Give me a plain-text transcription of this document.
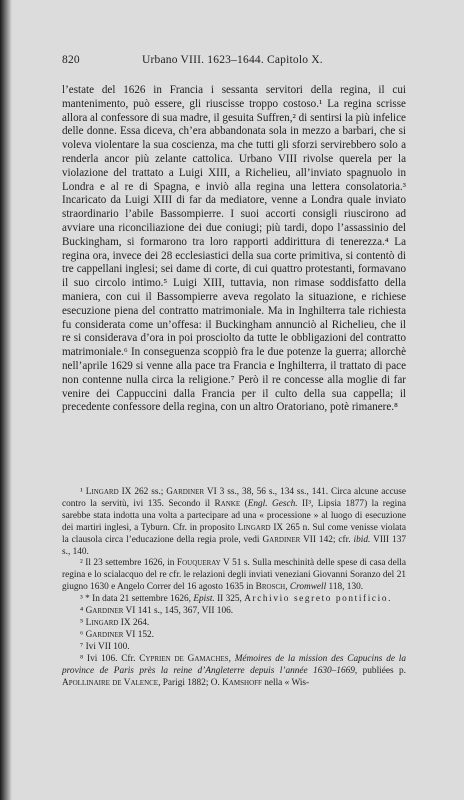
820	Urbano VIII. 1623–1644. Capitolo X.

l’estate del 1626 in Francia i sessanta servitori della regina, il cui mantenimento, può essere, gli riuscisse troppo costoso.¹ La regina scrisse allora al confessore di sua madre, il gesuita Suffren,² di sentirsi la più infelice delle donne. Essa diceva, ch’era abbandonata sola in mezzo a barbari, che si voleva violentare la sua coscienza, ma che tutti gli sforzi servirebbero solo a renderla ancor più zelante cattolica. Urbano VIII rivolse querela per la violazione del trattato a Luigi XIII, a Richelieu, all’inviato spagnuolo in Londra e al re di Spagna, e inviò alla regina una lettera consolatoria.³ Incaricato da Luigi XIII di far da mediatore, venne a Londra quale inviato straordinario l’abile Bassompierre. I suoi accorti consigli riuscirono ad avviare una riconciliazione dei due coniugi; più tardi, dopo l’assassinio del Buckingham, si formarono tra loro rapporti addirittura di tenerezza.⁴ La regina ora, invece dei 28 ecclesiastici della sua corte primitiva, si contentò di tre cappellani inglesi; sei dame di corte, di cui quattro protestanti, formavano il suo circolo intimo.⁵ Luigi XIII, tuttavia, non rimase soddisfatto della maniera, con cui il Bassompierre aveva regolato la situazione, e richiese esecuzione piena del contratto matrimoniale. Ma in Inghilterra tale richiesta fu considerata come un’offesa: il Buckingham annunciò al Richelieu, che il re si considerava d’ora in poi prosciolto da tutte le obbligazioni del contratto matrimoniale.⁶ In conseguenza scoppiò fra le due potenze la guerra; allorchè nell’aprile 1629 si venne alla pace tra Francia e Inghilterra, il trattato di pace non contenne nulla circa la religione.⁷ Però il re concesse alla moglie di far venire dei Cappuccini dalla Francia per il culto della sua cappella; il precedente confessore della regina, con un altro Oratoriano, potè rimanere.⁸

¹ Lingard IX 262 ss.; Gardiner VI 3 ss., 38, 56 s., 134 ss., 141. Circa alcune accuse contro la servitù, ivi 135. Secondo il Ranke (Engl. Gesch. II³, Lipsia 1877) la regina sarebbe stata indotta una volta a partecipare ad una « processione » al luogo di esecuzione dei martiri inglesi, a Tyburn. Cfr. in proposito Lingard IX 265 n. Sul come venisse violata la clausola circa l’educazione della regia prole, vedi Gardiner VII 142; cfr. ibid. VIII 137 s., 140.

² Il 23 settembre 1626, in Fouqueray V 51 s. Sulla meschinità delle spese di casa della regina e lo scialacquo del re cfr. le relazioni degli inviati veneziani Giovanni Soranzo del 21 giugno 1630 e Angelo Correr del 16 agosto 1635 in Brosch, Cromwell 118, 130.

³ * In data 21 settembre 1626, Epist. II 325, Archivio segreto pontificio.

⁴ Gardiner VI 141 s., 145, 367, VII 106.

⁵ Lingard IX 264.

⁶ Gardiner VI 152.

⁷ Ivi VII 100.

⁸ Ivi 106. Cfr. Cyprien de Gamaches, Mémoires de la mission des Capucins de la province de Paris près la reine d’Angleterre depuis l’année 1630–1669, publiées p. Apollinaire de Valence, Parigi 1882; O. Kamshoff nella « Wis-
